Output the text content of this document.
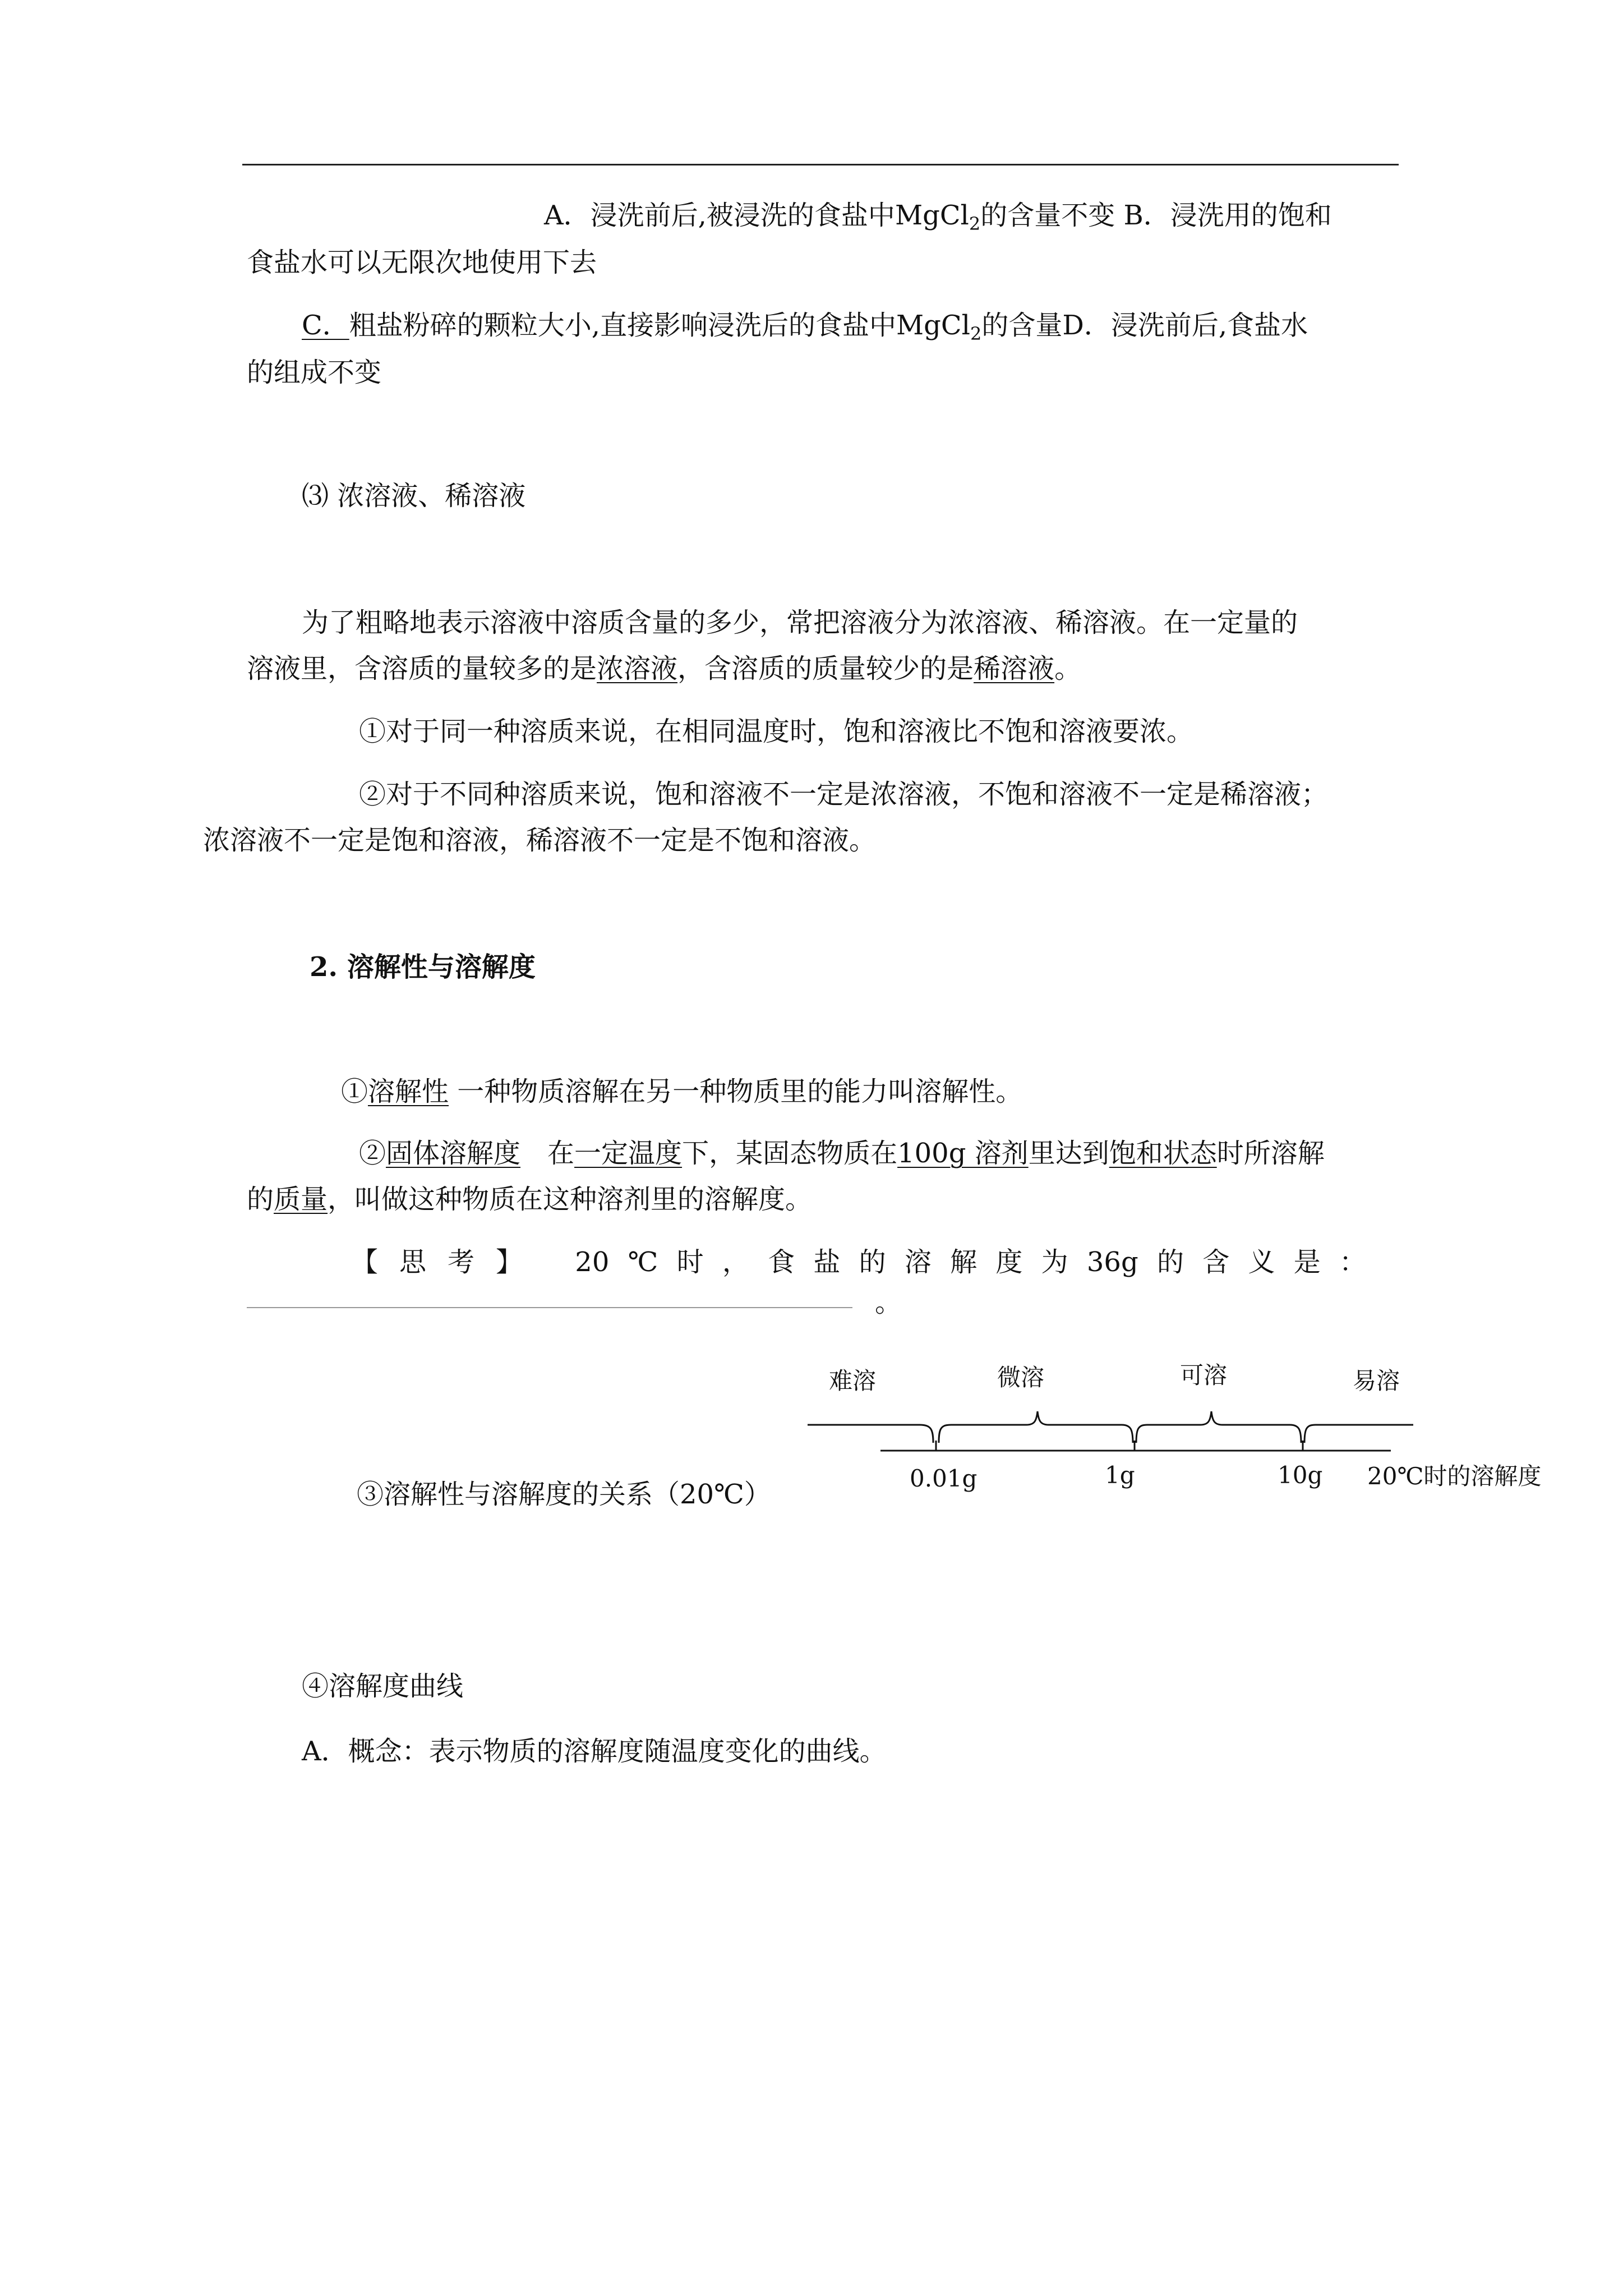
A．浸洗前后,被浸洗的食盐中MgCl$_2$的含量不变 B．浸洗用的饱和
食盐水可以无限次地使用下去
C．粗盐粉碎的颗粒大小,直接影响浸洗后的食盐中MgCl$_2$的含量D．浸洗前后,食盐水
的组成不变
⑶ 浓溶液、稀溶液
为了粗略地表示溶液中溶质含量的多少，常把溶液分为浓溶液、稀溶液。在一定量的
溶液里，含溶质的量较多的是浓溶液，含溶质的质量较少的是稀溶液。
①对于同一种溶质来说，在相同温度时，饱和溶液比不饱和溶液要浓。
②对于不同种溶质来说，饱和溶液不一定是浓溶液，不饱和溶液不一定是稀溶液；
浓溶液不一定是饱和溶液，稀溶液不一定是不饱和溶液。
2. 溶解性与溶解度
①溶解性 一种物质溶解在另一种物质里的能力叫溶解性。
②固体溶解度　在一定温度下，某固态物质在100g 溶剂里达到饱和状态时所溶解
的质量，叫做这种物质在这种溶剂里的溶解度。
【思考】 20 ℃ 时 ， 食 盐 的 溶 解 度 为 36g 的 含 义 是 ：
。
难溶	微溶	可溶	易溶
0.01g	1g	10g 20℃时的溶解度
③溶解性与溶解度的关系（20℃）
④溶解度曲线
A．概念：表示物质的溶解度随温度变化的曲线。
